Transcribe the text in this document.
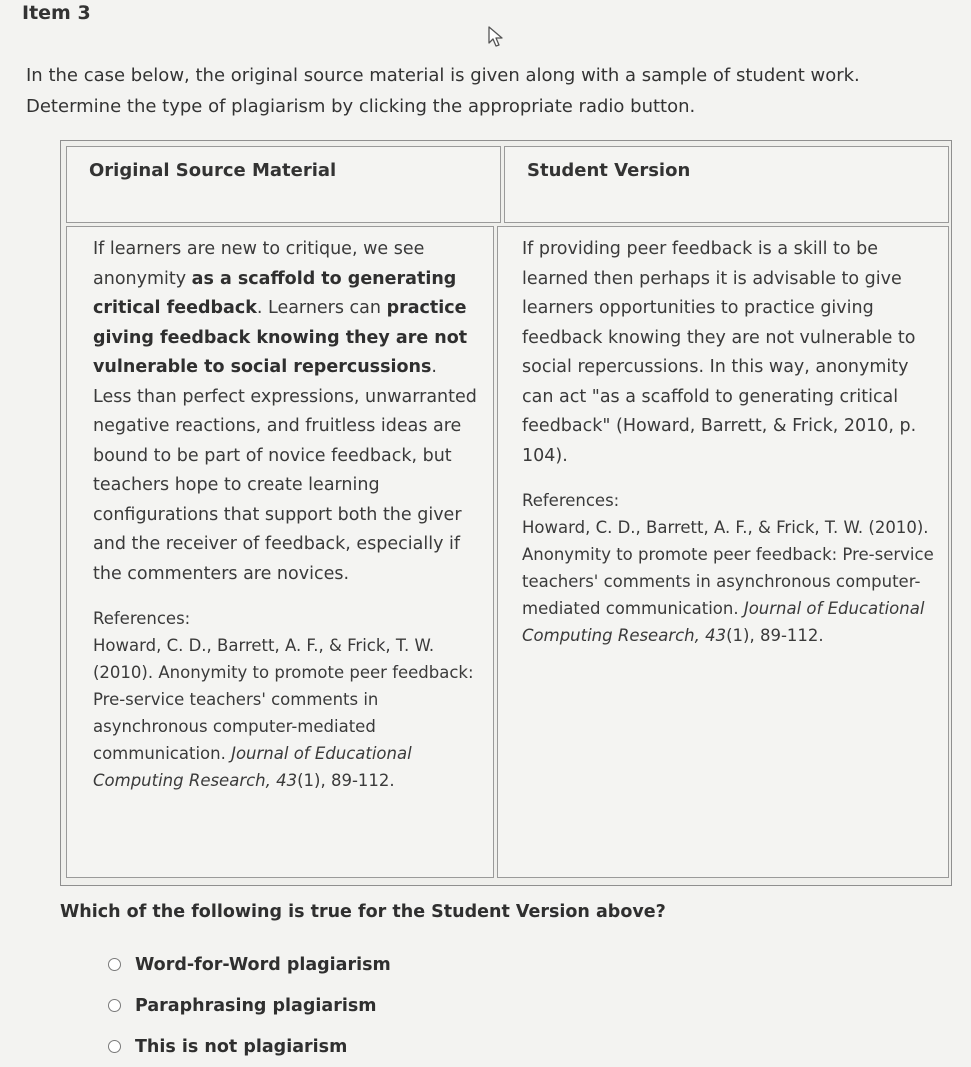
Item 3
In the case below, the original source material is given along with a sample of student work.
Determine the type of plagiarism by clicking the appropriate radio button.
Original Source Material	Student Version
If learners are new to critique, we see anonymity as a scaffold to generating critical feedback. Learners can practice giving feedback knowing they are not vulnerable to social repercussions. Less than perfect expressions, unwarranted negative reactions, and fruitless ideas are bound to be part of novice feedback, but teachers hope to create learning configurations that support both the giver and the receiver of feedback, especially if the commenters are novices.
References:
Howard, C. D., Barrett, A. F., & Frick, T. W. (2010). Anonymity to promote peer feedback: Pre-service teachers' comments in asynchronous computer-mediated communication. Journal of Educational Computing Research, 43(1), 89-112.
If providing peer feedback is a skill to be learned then perhaps it is advisable to give learners opportunities to practice giving feedback knowing they are not vulnerable to social repercussions. In this way, anonymity can act "as a scaffold to generating critical feedback" (Howard, Barrett, & Frick, 2010, p. 104).
References:
Howard, C. D., Barrett, A. F., & Frick, T. W. (2010). Anonymity to promote peer feedback: Pre-service teachers' comments in asynchronous computer-mediated communication. Journal of Educational Computing Research, 43(1), 89-112.
Which of the following is true for the Student Version above?
Word-for-Word plagiarism
Paraphrasing plagiarism
This is not plagiarism
